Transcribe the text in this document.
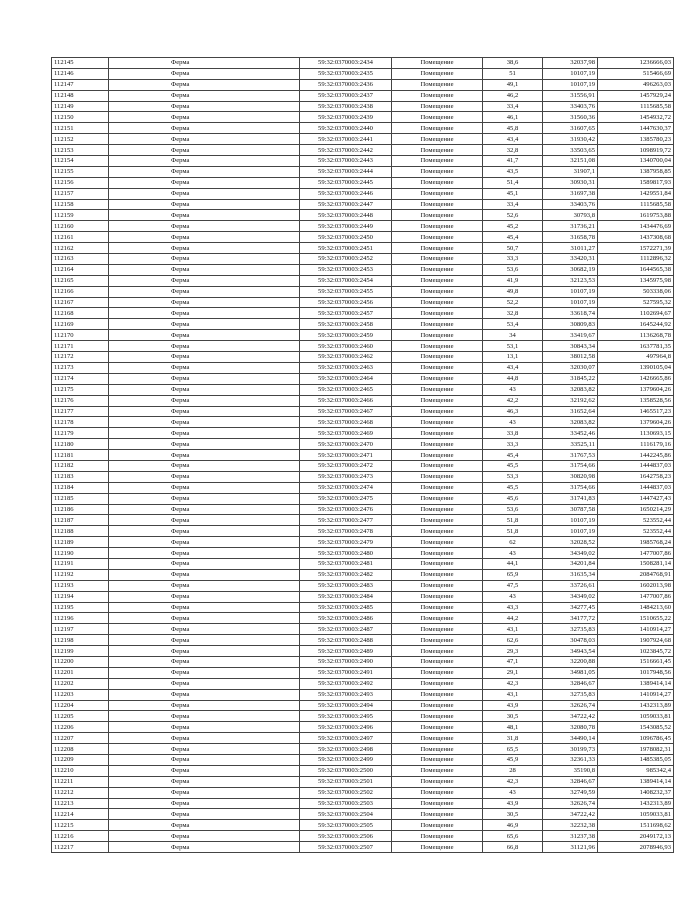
112145	Ферма	59:32:0370003:2434	Помещение	38,6	32037,98	1236666,03
112146	Ферма	59:32:0370003:2435	Помещение	51	10107,19	515466,69
112147	Ферма	59:32:0370003:2436	Помещение	49,1	10107,19	496263,03
112148	Ферма	59:32:0370003:2437	Помещение	46,2	31556,91	1457929,24
112149	Ферма	59:32:0370003:2438	Помещение	33,4	33403,76	1115685,58
112150	Ферма	59:32:0370003:2439	Помещение	46,1	31560,36	1454932,72
112151	Ферма	59:32:0370003:2440	Помещение	45,8	31607,65	1447630,37
112152	Ферма	59:32:0370003:2441	Помещение	43,4	31930,42	1385780,23
112153	Ферма	59:32:0370003:2442	Помещение	32,8	33503,65	1098919,72
112154	Ферма	59:32:0370003:2443	Помещение	41,7	32151,08	1340700,04
112155	Ферма	59:32:0370003:2444	Помещение	43,5	31907,1	1387958,85
112156	Ферма	59:32:0370003:2445	Помещение	51,4	30930,31	1589817,93
112157	Ферма	59:32:0370003:2446	Помещение	45,1	31697,38	1429551,84
112158	Ферма	59:32:0370003:2447	Помещение	33,4	33403,76	1115685,58
112159	Ферма	59:32:0370003:2448	Помещение	52,6	30793,8	1619753,88
112160	Ферма	59:32:0370003:2449	Помещение	45,2	31736,21	1434476,69
112161	Ферма	59:32:0370003:2450	Помещение	45,4	31658,78	1437308,68
112162	Ферма	59:32:0370003:2451	Помещение	50,7	31011,27	1572271,39
112163	Ферма	59:32:0370003:2452	Помещение	33,3	33420,31	1112896,32
112164	Ферма	59:32:0370003:2453	Помещение	53,6	30682,19	1644565,38
112165	Ферма	59:32:0370003:2454	Помещение	41,9	32123,53	1345975,98
112166	Ферма	59:32:0370003:2455	Помещение	49,8	10107,19	503338,06
112167	Ферма	59:32:0370003:2456	Помещение	52,2	10107,19	527595,32
112168	Ферма	59:32:0370003:2457	Помещение	32,8	33618,74	1102694,67
112169	Ферма	59:32:0370003:2458	Помещение	53,4	30809,83	1645244,92
112170	Ферма	59:32:0370003:2459	Помещение	34	33419,67	1136268,78
112171	Ферма	59:32:0370003:2460	Помещение	53,1	30843,34	1637781,35
112172	Ферма	59:32:0370003:2462	Помещение	13,1	38012,58	497964,8
112173	Ферма	59:32:0370003:2463	Помещение	43,4	32030,07	1390105,04
112174	Ферма	59:32:0370003:2464	Помещение	44,8	31845,22	1426665,86
112175	Ферма	59:32:0370003:2465	Помещение	43	32083,82	1379604,26
112176	Ферма	59:32:0370003:2466	Помещение	42,2	32192,62	1358528,56
112177	Ферма	59:32:0370003:2467	Помещение	46,3	31652,64	1465517,23
112178	Ферма	59:32:0370003:2468	Помещение	43	32083,82	1379604,26
112179	Ферма	59:32:0370003:2469	Помещение	33,8	33452,46	1130693,15
112180	Ферма	59:32:0370003:2470	Помещение	33,3	33525,11	1116179,16
112181	Ферма	59:32:0370003:2471	Помещение	45,4	31767,53	1442245,86
112182	Ферма	59:32:0370003:2472	Помещение	45,5	31754,66	1444837,03
112183	Ферма	59:32:0370003:2473	Помещение	53,3	30820,98	1642758,23
112184	Ферма	59:32:0370003:2474	Помещение	45,5	31754,66	1444837,03
112185	Ферма	59:32:0370003:2475	Помещение	45,6	31741,83	1447427,43
112186	Ферма	59:32:0370003:2476	Помещение	53,6	30787,58	1650214,29
112187	Ферма	59:32:0370003:2477	Помещение	51,8	10107,19	523552,44
112188	Ферма	59:32:0370003:2478	Помещение	51,8	10107,19	523552,44
112189	Ферма	59:32:0370003:2479	Помещение	62	32028,52	1985768,24
112190	Ферма	59:32:0370003:2480	Помещение	43	34349,02	1477007,86
112191	Ферма	59:32:0370003:2481	Помещение	44,1	34201,84	1508281,14
112192	Ферма	59:32:0370003:2482	Помещение	65,9	31635,34	2084768,91
112193	Ферма	59:32:0370003:2483	Помещение	47,5	33726,61	1602013,98
112194	Ферма	59:32:0370003:2484	Помещение	43	34349,02	1477007,86
112195	Ферма	59:32:0370003:2485	Помещение	43,3	34277,45	1484213,60
112196	Ферма	59:32:0370003:2486	Помещение	44,2	34177,72	1510655,22
112197	Ферма	59:32:0370003:2487	Помещение	43,1	32735,83	1410914,27
112198	Ферма	59:32:0370003:2488	Помещение	62,6	30478,03	1907924,68
112199	Ферма	59:32:0370003:2489	Помещение	29,3	34943,54	1023845,72
112200	Ферма	59:32:0370003:2490	Помещение	47,1	32200,88	1516661,45
112201	Ферма	59:32:0370003:2491	Помещение	29,1	34981,05	1017948,56
112202	Ферма	59:32:0370003:2492	Помещение	42,3	32846,67	1389414,14
112203	Ферма	59:32:0370003:2493	Помещение	43,1	32735,83	1410914,27
112204	Ферма	59:32:0370003:2494	Помещение	43,9	32626,74	1432313,89
112205	Ферма	59:32:0370003:2495	Помещение	30,5	34722,42	1059033,81
112206	Ферма	59:32:0370003:2496	Помещение	48,1	32080,78	1543085,52
112207	Ферма	59:32:0370003:2497	Помещение	31,8	34490,14	1096786,45
112208	Ферма	59:32:0370003:2498	Помещение	65,5	30199,73	1978082,31
112209	Ферма	59:32:0370003:2499	Помещение	45,9	32361,33	1485385,05
112210	Ферма	59:32:0370003:2500	Помещение	28	35190,8	985342,4
112211	Ферма	59:32:0370003:2501	Помещение	42,3	32846,67	1389414,14
112212	Ферма	59:32:0370003:2502	Помещение	43	32749,59	1408232,37
112213	Ферма	59:32:0370003:2503	Помещение	43,9	32626,74	1432313,89
112214	Ферма	59:32:0370003:2504	Помещение	30,5	34722,42	1059033,81
112215	Ферма	59:32:0370003:2505	Помещение	46,9	32232,38	1511698,62
112216	Ферма	59:32:0370003:2506	Помещение	65,6	31237,38	2049172,13
112217	Ферма	59:32:0370003:2507	Помещение	66,8	31121,96	2078946,93
